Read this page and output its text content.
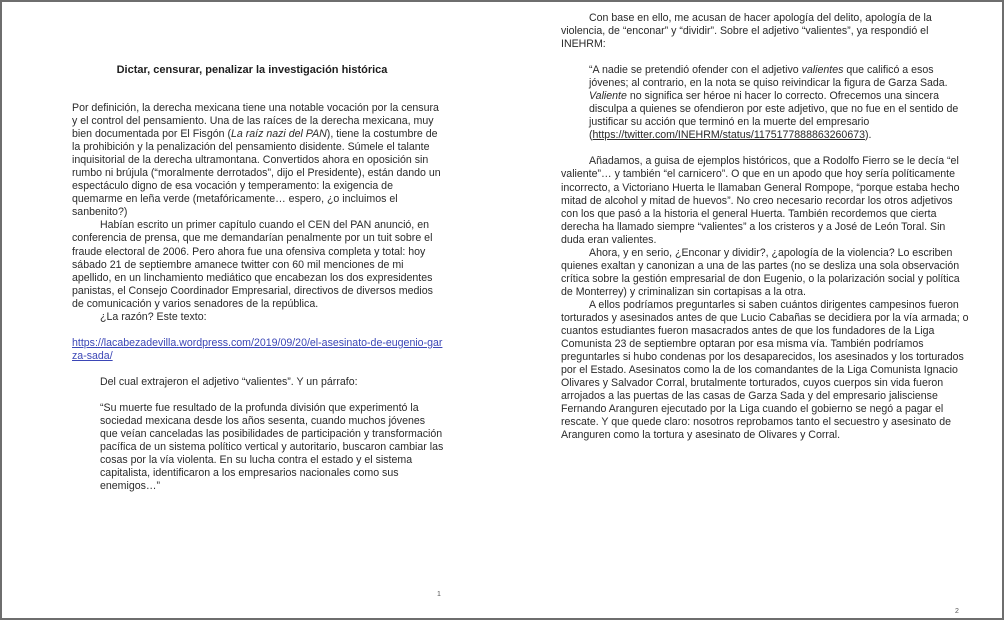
Dictar, censurar, penalizar la investigación histórica

Por definición, la derecha mexicana tiene una notable vocación por la censura y el control del pensamiento. Una de las raíces de la derecha mexicana, muy bien documentada por El Fisgón (La raíz nazi del PAN), tiene la costumbre de la prohibición y la penalización del pensamiento disidente. Súmele el talante inquisitorial de la derecha ultramontana. Convertidos ahora en oposición sin rumbo ni brújula (“moralmente derrotados”, dijo el Presidente), están dando un espectáculo digno de esa vocación y temperamento: la exigencia de quemarme en leña verde (metafóricamente… espero, ¿o incluimos el sanbenito?)

Habían escrito un primer capítulo cuando el CEN del PAN anunció, en conferencia de prensa, que me demandarían penalmente por un tuit sobre el fraude electoral de 2006. Pero ahora fue una ofensiva completa y total: hoy sábado 21 de septiembre amanece twitter con 60 mil menciones de mi apellido, en un linchamiento mediático que encabezan los dos expresidentes panistas, el Consejo Coordinador Empresarial, directivos de diversos medios de comunicación y varios senadores de la república.

¿La razón? Este texto:

https://lacabezadevilla.wordpress.com/2019/09/20/el-asesinato-de-eugenio-garza-sada/

Del cual extrajeron el adjetivo “valientes”. Y un párrafo:

“Su muerte fue resultado de la profunda división que experimentó la sociedad mexicana desde los años sesenta, cuando muchos jóvenes que veían canceladas las posibilidades de participación y transformación pacífica de un sistema político vertical y autoritario, buscaron cambiar las cosas por la vía violenta. En su lucha contra el estado y el sistema capitalista, identificaron a los empresarios nacionales como sus enemigos…”

1

Con base en ello, me acusan de hacer apología del delito, apología de la violencia, de “enconar” y “dividir”. Sobre el adjetivo “valientes”, ya respondió el INEHRM:

“A nadie se pretendió ofender con el adjetivo valientes que calificó a esos jóvenes; al contrario, en la nota se quiso reivindicar la figura de Garza Sada. Valiente no significa ser héroe ni hacer lo correcto. Ofrecemos una sincera disculpa a quienes se ofendieron por este adjetivo, que no fue en el sentido de justificar su acción que terminó en la muerte del empresario (https://twitter.com/INEHRM/status/1175177888863260673).

Añadamos, a guisa de ejemplos históricos, que a Rodolfo Fierro se le decía “el valiente”… y también “el carnicero”. O que en un apodo que hoy sería políticamente incorrecto, a Victoriano Huerta le llamaban General Rompope, “porque estaba hecho mitad de alcohol y mitad de huevos”. No creo necesario recordar los otros adjetivos con los que pasó a la historia el general Huerta. También recordemos que cierta derecha ha llamado siempre “valientes” a los cristeros y a José de León Toral. Sin duda eran valientes.

Ahora, y en serio, ¿Enconar y dividir?, ¿apología de la violencia? Lo escriben quienes exaltan y canonizan a una de las partes (no se desliza una sola observación crítica sobre la gestión empresarial de don Eugenio, o la polarización social y política de Monterrey) y criminalizan sin cortapisas a la otra.

A ellos podríamos preguntarles si saben cuántos dirigentes campesinos fueron torturados y asesinados antes de que Lucio Cabañas se decidiera por la vía armada; o cuantos estudiantes fueron masacrados antes de que los fundadores de la Liga Comunista 23 de septiembre optaran por esa misma vía. También podríamos preguntarles si hubo condenas por los desaparecidos, los asesinados y los torturados por el Estado. Asesinatos como la de los comandantes de la Liga Comunista Ignacio Olivares y Salvador Corral, brutalmente torturados, cuyos cuerpos sin vida fueron arrojados a las puertas de las casas de Garza Sada y del empresario jalisciense Fernando Aranguren ejecutado por la Liga cuando el gobierno se negó a pagar el rescate. Y que quede claro: nosotros reprobamos tanto el secuestro y asesinato de Aranguren como la tortura y asesinato de Olivares y Corral.

2
